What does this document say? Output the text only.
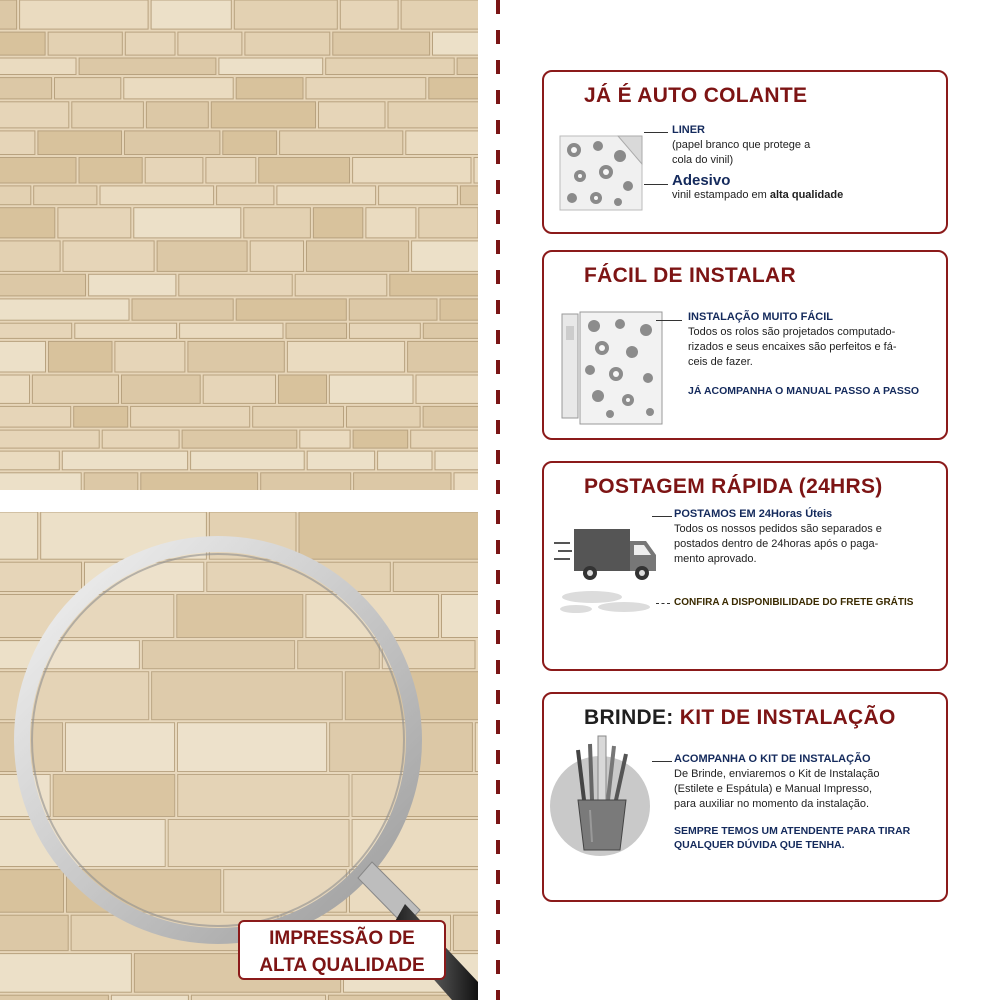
IMPRESSÃO DE
ALTA QUALIDADE
JÁ É AUTO COLANTE
LINER
(papel branco que protege a
cola do vinil)
Adesivo
vinil estampado em alta qualidade
FÁCIL DE INSTALAR
INSTALAÇÃO MUITO FÁCIL
Todos os rolos são projetados computado-
rizados e seus encaixes são perfeitos e fá-
ceis de fazer.
JÁ ACOMPANHA O MANUAL PASSO A PASSO
POSTAGEM RÁPIDA (24HRS)
POSTAMOS EM 24Horas Úteis
Todos os nossos pedidos são separados e
postados dentro de 24horas após o paga-
mento aprovado.
CONFIRA A DISPONIBILIDADE DO FRETE GRÁTIS
BRINDE: KIT DE INSTALAÇÃO
ACOMPANHA O KIT DE INSTALAÇÃO
De Brinde, enviaremos o Kit de Instalação
(Estilete e Espátula) e Manual Impresso,
para auxiliar no momento da instalação.
SEMPRE TEMOS UM ATENDENTE PARA TIRAR
QUALQUER DÚVIDA QUE TENHA.
